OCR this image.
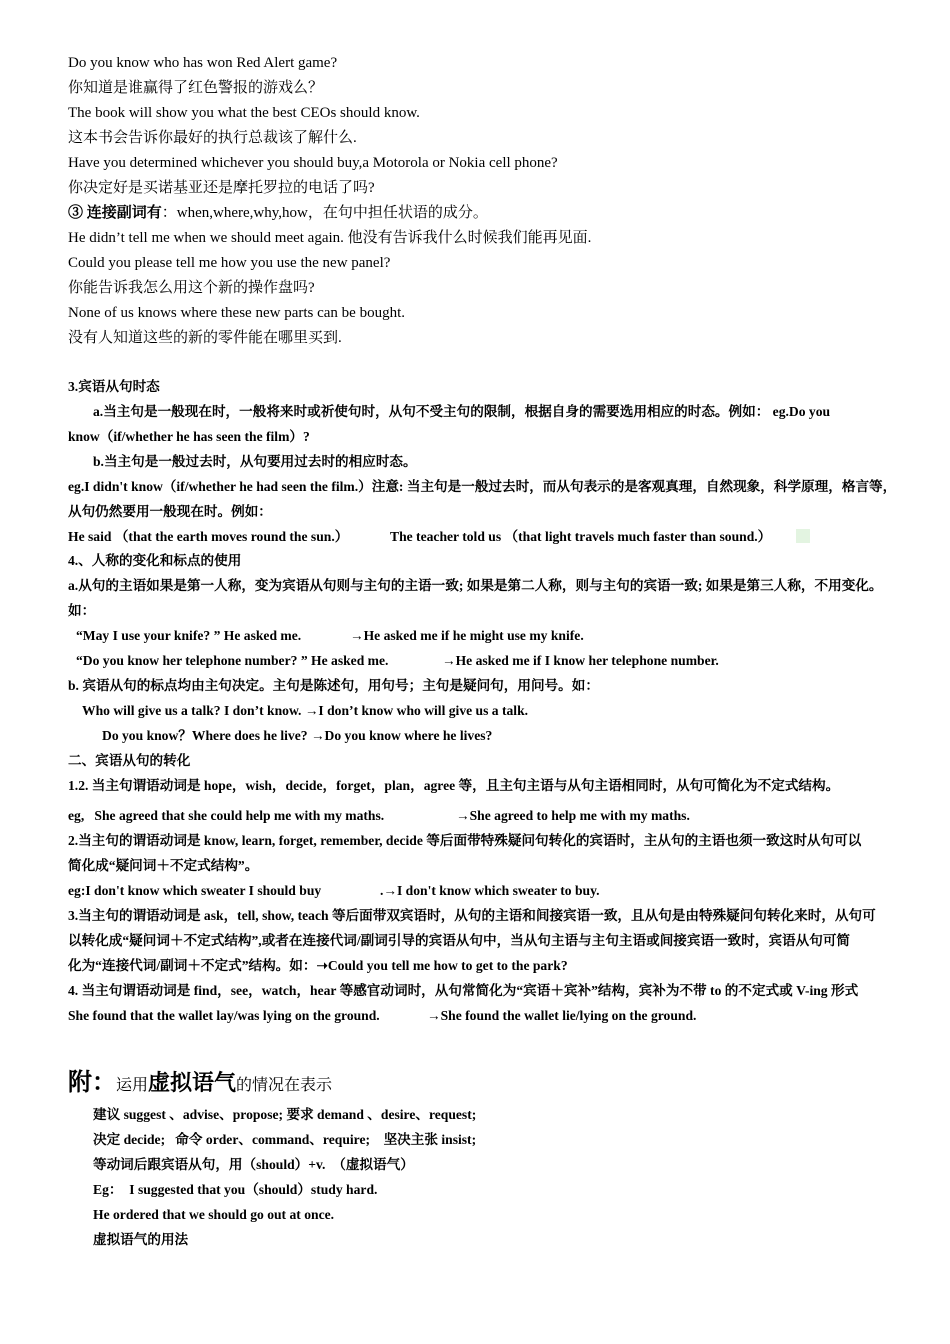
Do you know who has won Red Alert game?
你知道是谁赢得了红色警报的游戏么？
The book will show you what the best CEOs should know.
这本书会告诉你最好的执行总裁该了解什么.
Have you determined whichever you should buy,a Motorola or Nokia cell phone?
你决定好是买诺基亚还是摩托罗拉的电话了吗?
③ 连接副词有：when,where,why,how，在句中担任状语的成分。
He didn’t tell me when we should meet again. 他没有告诉我什么时候我们能再见面.
Could you please tell me how you use the new panel?
你能告诉我怎么用这个新的操作盘吗?
None of us knows where these new parts can be bought.
没有人知道这些的新的零件能在哪里买到.
3.宾语从句时态
a.当主句是一般现在时，一般将来时或祈使句时，从句不受主句的限制，根据自身的需要选用相应的时态。例如： eg.Do you
know（if/whether he has seen the film）?
b.当主句是一般过去时，从句要用过去时的相应时态。
eg.I didn't know（if/whether he had seen the film.）注意: 当主句是一般过去时，而从句表示的是客观真理，自然现象，科学原理，格言等，
从句仍然要用一般现在时。例如：
He said （that the earth moves round the sun.）	The teacher told us （that light travels much faster than sound.）
4.、人称的变化和标点的使用
a.从句的主语如果是第一人称，变为宾语从句则与主句的主语一致; 如果是第二人称，则与主句的宾语一致; 如果是第三人称，不用变化。
如：
“May I use your knife? ” He asked me.	→He asked me if he might use my knife.
“Do you know her telephone number? ” He asked me.	→He asked me if I know her telephone number.
b. 宾语从句的标点均由主句决定。主句是陈述句，用句号；主句是疑问句，用问号。如：
Who will give us a talk? I don’t know. →I don’t know who will give us a talk.
Do you know？Where does he live? →Do you know where he lives?
二、宾语从句的转化
1.2. 当主句谓语动词是 hope，wish，decide，forget，plan，agree 等，且主句主语与从句主语相同时，从句可简化为不定式结构。
eg,   She agreed that she could help me with my maths.	→She agreed to help me with my maths.
2.当主句的谓语动词是 know, learn, forget, remember, decide 等后面带特殊疑问句转化的宾语时，主从句的主语也须一致这时从句可以
简化成“疑问词＋不定式结构”。
eg:I don't know which sweater I should buy	.→I don't know which sweater to buy.
3.当主句的谓语动词是 ask，tell, show, teach 等后面带双宾语时，从句的主语和间接宾语一致，且从句是由特殊疑问句转化来时，从句可
以转化成“疑问词＋不定式结构”,或者在连接代词/副词引导的宾语从句中，当从句主语与主句主语或间接宾语一致时，宾语从句可简
化为“连接代词/副词＋不定式”结构。如：➝Could you tell me how to get to the park?
4. 当主句谓语动词是 find，see，watch，hear 等感官动词时，从句常简化为“宾语＋宾补”结构，宾补为不带 to 的不定式或 V-ing 形式
She found that the wallet lay/was lying on the ground.	→She found the wallet lie/lying on the ground.
附：运用虚拟语气的情况在表示
建议 suggest 、advise、propose; 要求 demand 、desire、request;
决定 decide;   命令 order、command、require;    坚决主张 insist;
等动词后跟宾语从句，用（should）+v.  （虚拟语气）
Eg：  I suggested that you（should）study hard.
He ordered that we should go out at once.
虚拟语气的用法
